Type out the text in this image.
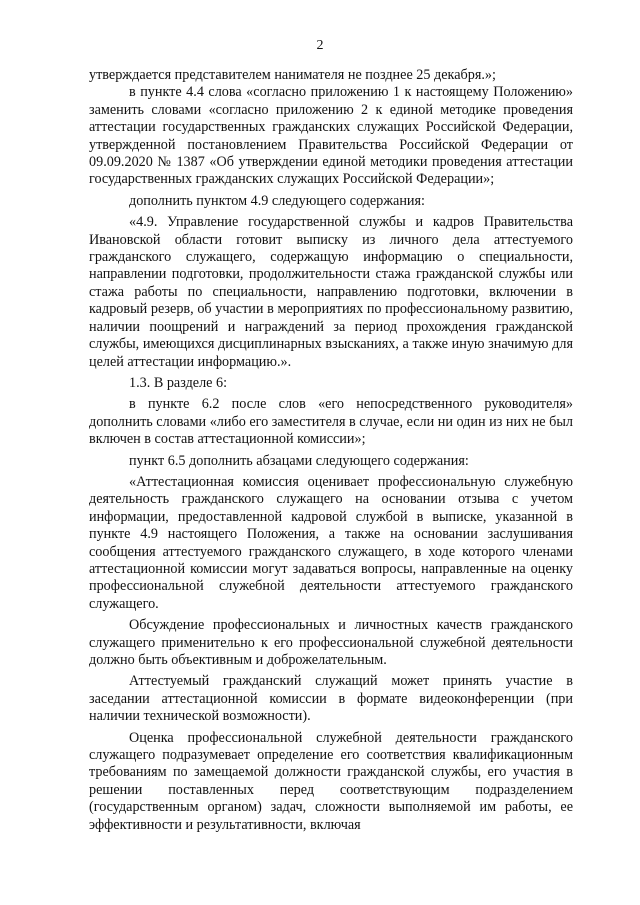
2

утверждается представителем нанимателя не позднее 25 декабря.»;

в пункте 4.4 слова «согласно приложению 1 к настоящему Положению» заменить словами «согласно приложению 2 к единой методике проведения аттестации государственных гражданских служащих Российской Федерации, утвержденной постановлением Правительства Российской Федерации от 09.09.2020 № 1387 «Об утверждении единой методики проведения аттестации государственных гражданских служащих Российской Федерации»;

дополнить пунктом 4.9 следующего содержания:

«4.9. Управление государственной службы и кадров Правительства Ивановской области готовит выписку из личного дела аттестуемого гражданского служащего, содержащую информацию о специальности, направлении подготовки, продолжительности стажа гражданской службы или стажа работы по специальности, направлению подготовки, включении в кадровый резерв, об участии в мероприятиях по профессиональному развитию, наличии поощрений и награждений за период прохождения гражданской службы, имеющихся дисциплинарных взысканиях, а также иную значимую для целей аттестации информацию.».

1.3. В разделе 6:

в пункте 6.2 после слов «его непосредственного руководителя» дополнить словами «либо его заместителя в случае, если ни один из них не был включен в состав аттестационной комиссии»;

пункт 6.5 дополнить абзацами следующего содержания:

«Аттестационная комиссия оценивает профессиональную служебную деятельность гражданского служащего на основании отзыва с учетом информации, предоставленной кадровой службой в выписке, указанной в пункте 4.9 настоящего Положения, а также на основании заслушивания сообщения аттестуемого гражданского служащего, в ходе которого членами аттестационной комиссии могут задаваться вопросы, направленные на оценку профессиональной служебной деятельности аттестуемого гражданского служащего.

Обсуждение профессиональных и личностных качеств гражданского служащего применительно к его профессиональной служебной деятельности должно быть объективным и доброжелательным.

Аттестуемый гражданский служащий может принять участие в заседании аттестационной комиссии в формате видеоконференции (при наличии технической возможности).

Оценка профессиональной служебной деятельности гражданского служащего подразумевает определение его соответствия квалификационным требованиям по замещаемой должности гражданской службы, его участия в решении поставленных перед соответствующим подразделением (государственным органом) задач, сложности выполняемой им работы, ее эффективности и результативности, включая
